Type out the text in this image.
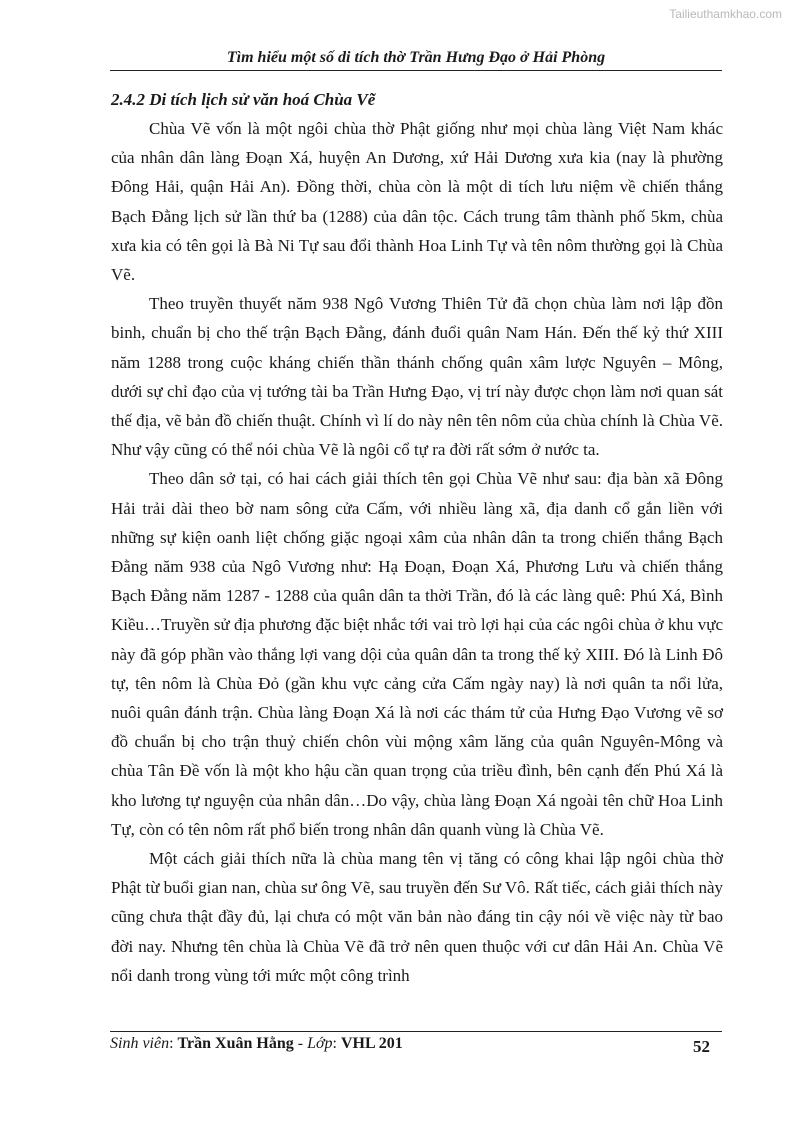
Tailieuthamkhao.com
Tìm hiểu một số di tích thờ Trần Hưng Đạo ở Hải Phòng

2.4.2 Di tích lịch sử văn hoá Chùa Vẽ

Chùa Vẽ vốn là một ngôi chùa thờ Phật giống như mọi chùa làng Việt Nam khác của nhân dân làng Đoạn Xá, huyện An Dương, xứ Hải Dương xưa kia (nay là phường Đông Hải, quận Hải An). Đồng thời, chùa còn là một di tích lưu niệm về chiến thắng Bạch Đằng lịch sử lần thứ ba (1288) của dân tộc. Cách trung tâm thành phố 5km, chùa xưa kia có tên gọi là Bà Ni Tự sau đổi thành Hoa Linh Tự và tên nôm thường gọi là Chùa Vẽ.

Theo truyền thuyết năm 938 Ngô Vương Thiên Tử đã chọn chùa làm nơi lập đồn binh, chuẩn bị cho thế trận Bạch Đằng, đánh đuổi quân Nam Hán. Đến thế kỷ thứ XIII năm 1288 trong cuộc kháng chiến thần thánh chống quân xâm lược Nguyên – Mông, dưới sự chỉ đạo của vị tướng tài ba Trần Hưng Đạo, vị trí này được chọn làm nơi quan sát thế địa, vẽ bản đồ chiến thuật. Chính vì lí do này nên tên nôm của chùa chính là Chùa Vẽ. Như vậy cũng có thể nói chùa Vẽ là ngôi cổ tự ra đời rất sớm ở nước ta.

Theo dân sở tại, có hai cách giải thích tên gọi Chùa Vẽ như sau: địa bàn xã Đông Hải trải dài theo bờ nam sông cửa Cấm, với nhiều làng xã, địa danh cổ gắn liền với những sự kiện oanh liệt chống giặc ngoại xâm của nhân dân ta trong chiến thắng Bạch Đằng năm 938 của Ngô Vương như: Hạ Đoạn, Đoạn Xá, Phương Lưu và chiến thắng Bạch Đằng năm 1287 - 1288 của quân dân ta thời Trần, đó là các làng quê: Phú Xá, Bình Kiều…Truyền sử địa phương đặc biệt nhắc tới vai trò lợi hại của các ngôi chùa ở khu vực này đã góp phần vào thắng lợi vang dội của quân dân ta trong thế kỷ XIII. Đó là Linh Đô tự, tên nôm là Chùa Đỏ (gần khu vực cảng cửa Cấm ngày nay) là nơi quân ta nổi lửa, nuôi quân đánh trận. Chùa làng Đoạn Xá là nơi các thám tử của Hưng Đạo Vương vẽ sơ đồ chuẩn bị cho trận thuỷ chiến chôn vùi mộng xâm lăng của quân Nguyên-Mông và chùa Tân Đề vốn là một kho hậu cần quan trọng của triều đình, bên cạnh đến Phú Xá là kho lương tự nguyện của nhân dân…Do vậy, chùa làng Đoạn Xá ngoài tên chữ Hoa Linh Tự, còn có tên nôm rất phổ biến trong nhân dân quanh vùng là Chùa Vẽ.

Một cách giải thích nữa là chùa mang tên vị tăng có công khai lập ngôi chùa thờ Phật từ buổi gian nan, chùa sư ông Vẽ, sau truyền đến Sư Vô. Rất tiếc, cách giải thích này cũng chưa thật đầy đủ, lại chưa có một văn bản nào đáng tin cậy nói về việc này từ bao đời nay. Nhưng tên chùa là Chùa Vẽ đã trở nên quen thuộc với cư dân Hải An. Chùa Vẽ nổi danh trong vùng tới mức một công trình

Sinh viên: Trần Xuân Hằng - Lớp: VHL 201	52
